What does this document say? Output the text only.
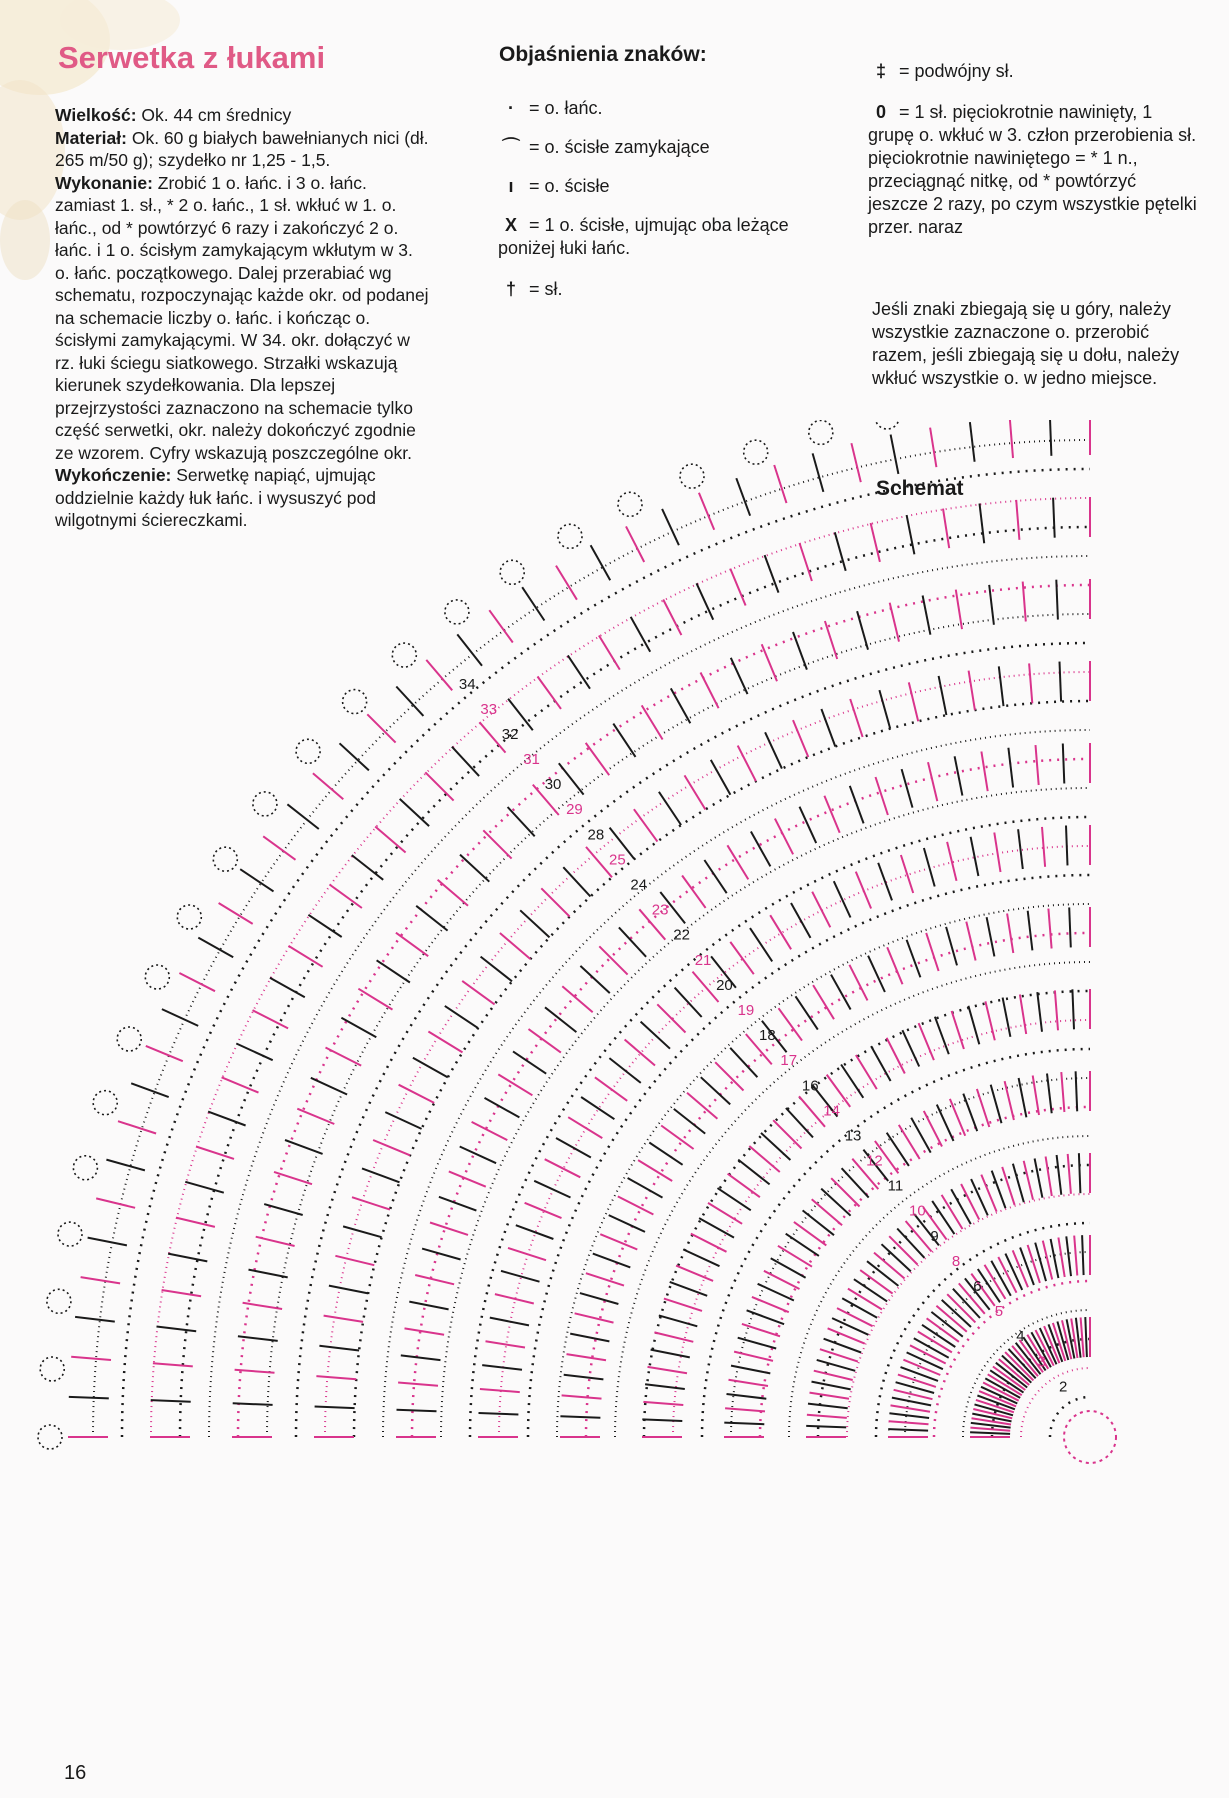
Serwetka z łukami

Wielkość: Ok. 44 cm średnicy
Materiał: Ok. 60 g białych bawełnianych nici (dł. 265 m/50 g); szydełko nr 1,25 - 1,5.
Wykonanie: Zrobić 1 o. łańc. i 3 o. łańc. zamiast 1. sł., * 2 o. łańc., 1 sł. wkłuć w 1. o. łańc., od * powtórzyć 6 razy i zakończyć 2 o. łańc. i 1 o. ścisłym zamykającym wkłutym w 3. o. łańc. początkowego. Dalej przerabiać wg schematu, rozpoczynając każde okr. od podanej na schemacie liczby o. łańc. i kończąc o. ścisłymi zamykającymi. W 34. okr. dołączyć w rz. łuki ściegu siatkowego. Strzałki wskazują kierunek szydełkowania. Dla lepszej przejrzystości zaznaczono na schemacie tylko część serwetki, okr. należy dokończyć zgodnie ze wzorem. Cyfry wskazują poszczególne okr.
Wykończenie: Serwetkę napiąć, ujmując oddzielnie każdy łuk łańc. i wysuszyć pod wilgotnymi ściereczkami.

Objaśnienia znaków:
· = o. łańc.
⌒ = o. ścisłe zamykające
ı = o. ścisłe
X = 1 o. ścisłe, ujmując oba leżące poniżej łuki łańc.
† = sł.
‡ = podwójny sł.
0 = 1 sł. pięciokrotnie nawinięty, 1 grupę o. wkłuć w 3. człon przerobienia sł. pięciokrotnie nawiniętego = * 1 n., przeciągnąć nitkę, od * powtórzyć jeszcze 2 razy, po czym wszystkie pętelki przer. naraz

Jeśli znaki zbiegają się u góry, należy wszystkie zaznaczone o. przerobić razem, jeśli zbiegają się u dołu, należy wkłuć wszystkie o. w jedno miejsce.

Schemat
2
3
4
5
6
8
9
10
11
12
13
14
16
17
18
19
20
21
22
23
24
25
28
29
30
31
32
33
34
16
